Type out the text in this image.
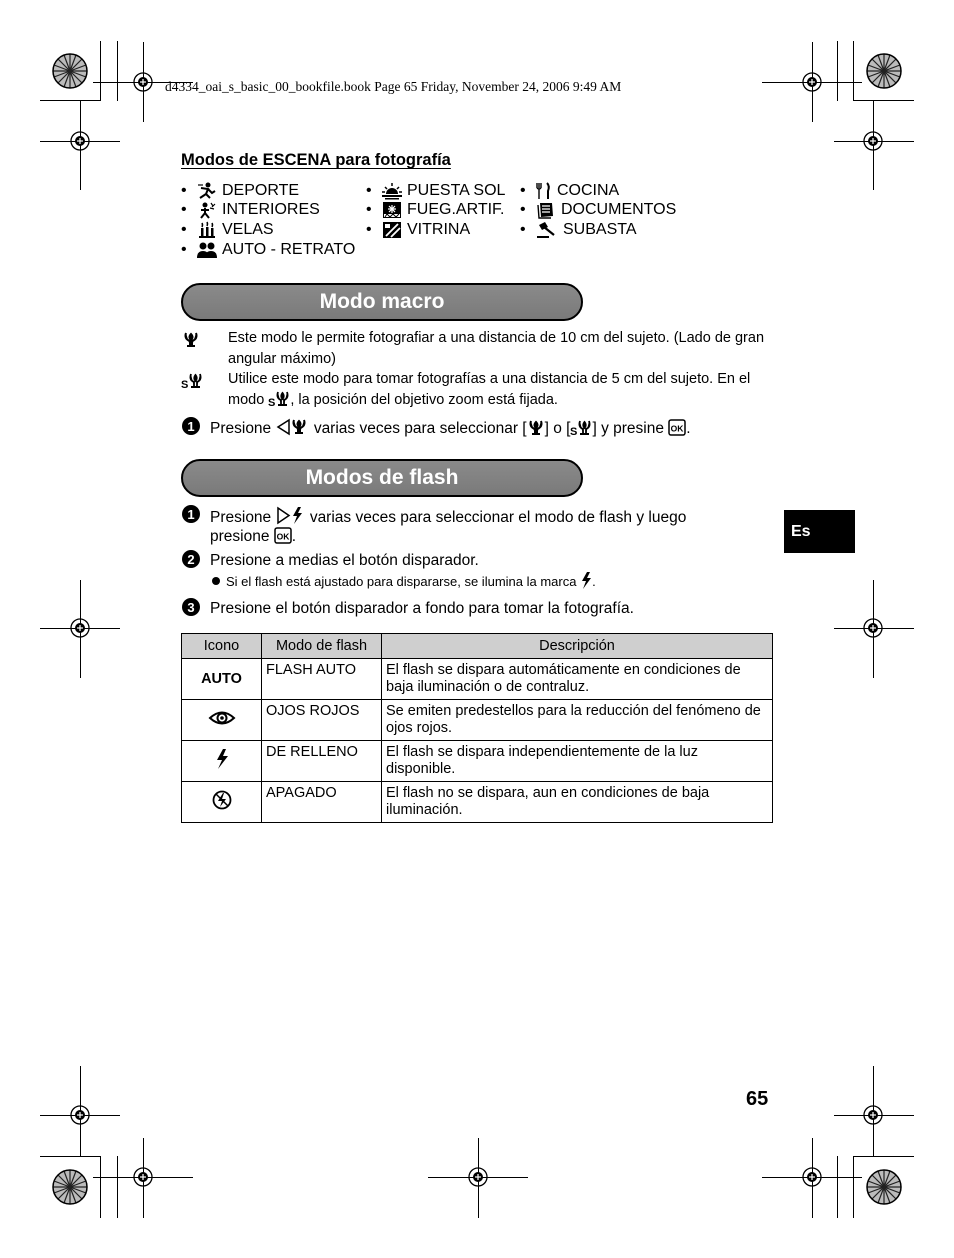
d4334_oai_s_basic_00_bookfile.book Page 65 Friday, November 24, 2006 9:49 AM
Modos de ESCENA para fotografía
•	DEPORTE
•	INTERIORES
•	VELAS
•	AUTO - RETRATO
•	PUESTA SOL
•	FUEG.ARTIF.
•	VITRINA
•	COCINA
•	DOCUMENTOS
•	SUBASTA
Modo macro
Este modo le permite fotografiar a una distancia de 10 cm del sujeto. (Lado de gran angular máximo)
S	Utilice este modo para tomar fotografías a una distancia de 5 cm del sujeto. En el modo S , la posición del objetivo zoom está fijada.
1 Presione	varias veces para seleccionar [ ] o [ S ] y presine OK .
Modos de flash
1 Presione varias veces para seleccionar el modo de flash y luego
presione OK .
2 Presione a medias el botón disparador.
Si el flash está ajustado para dispararse, se ilumina la marca .
3 Presione el botón disparador a fondo para tomar la fotografía.
Icono	Modo de flash	Descripción
AUTO	FLASH AUTO	El flash se dispara automáticamente en condiciones de baja iluminación o de contraluz.
	OJOS ROJOS	Se emiten predestellos para la reducción del fenómeno de ojos rojos.
	DE RELLENO	El flash se dispara independientemente de la luz disponible.
	APAGADO	El flash no se dispara, aun en condiciones de baja iluminación.
Es
65
